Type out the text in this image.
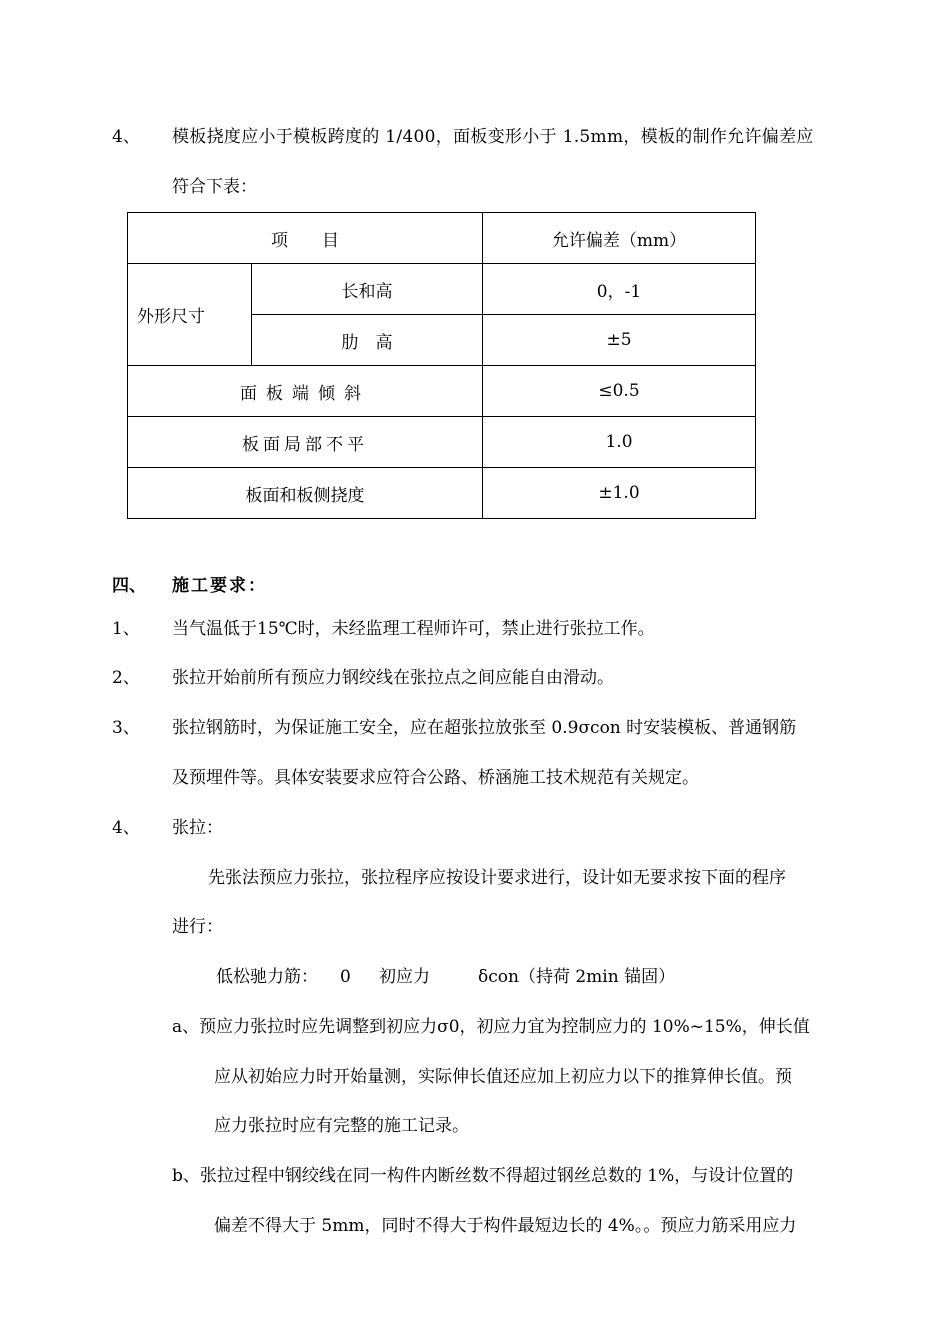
4、 模板挠度应小于模板跨度的 1/400，面板变形小于 1.5mm，模板的制作允许偏差应
符合下表：
项　　目		允许偏差（mm）
外形尺寸	长和高	0，-1
	肋　高	±5
面板端倾斜		≤0.5
板面局部不平		1.0
板面和板侧挠度		±1.0
四、 施工要求：
1、 当气温低于15℃时，未经监理工程师许可，禁止进行张拉工作。
2、 张拉开始前所有预应力钢绞线在张拉点之间应能自由滑动。
3、 张拉钢筋时，为保证施工安全，应在超张拉放张至 0.9σcon 时安装模板、普通钢筋
及预埋件等。具体安装要求应符合公路、桥涵施工技术规范有关规定。
4、 张拉：
先张法预应力张拉，张拉程序应按设计要求进行，设计如无要求按下面的程序
进行：
低松驰力筋： 0 初应力	δcon（持荷 2min 锚固）
a、预应力张拉时应先调整到初应力σ0，初应力宜为控制应力的 10%~15%，伸长值
应从初始应力时开始量测，实际伸长值还应加上初应力以下的推算伸长值。预
应力张拉时应有完整的施工记录。
b、张拉过程中钢绞线在同一构件内断丝数不得超过钢丝总数的 1%，与设计位置的
偏差不得大于 5mm，同时不得大于构件最短边长的 4%。。预应力筋采用应力
